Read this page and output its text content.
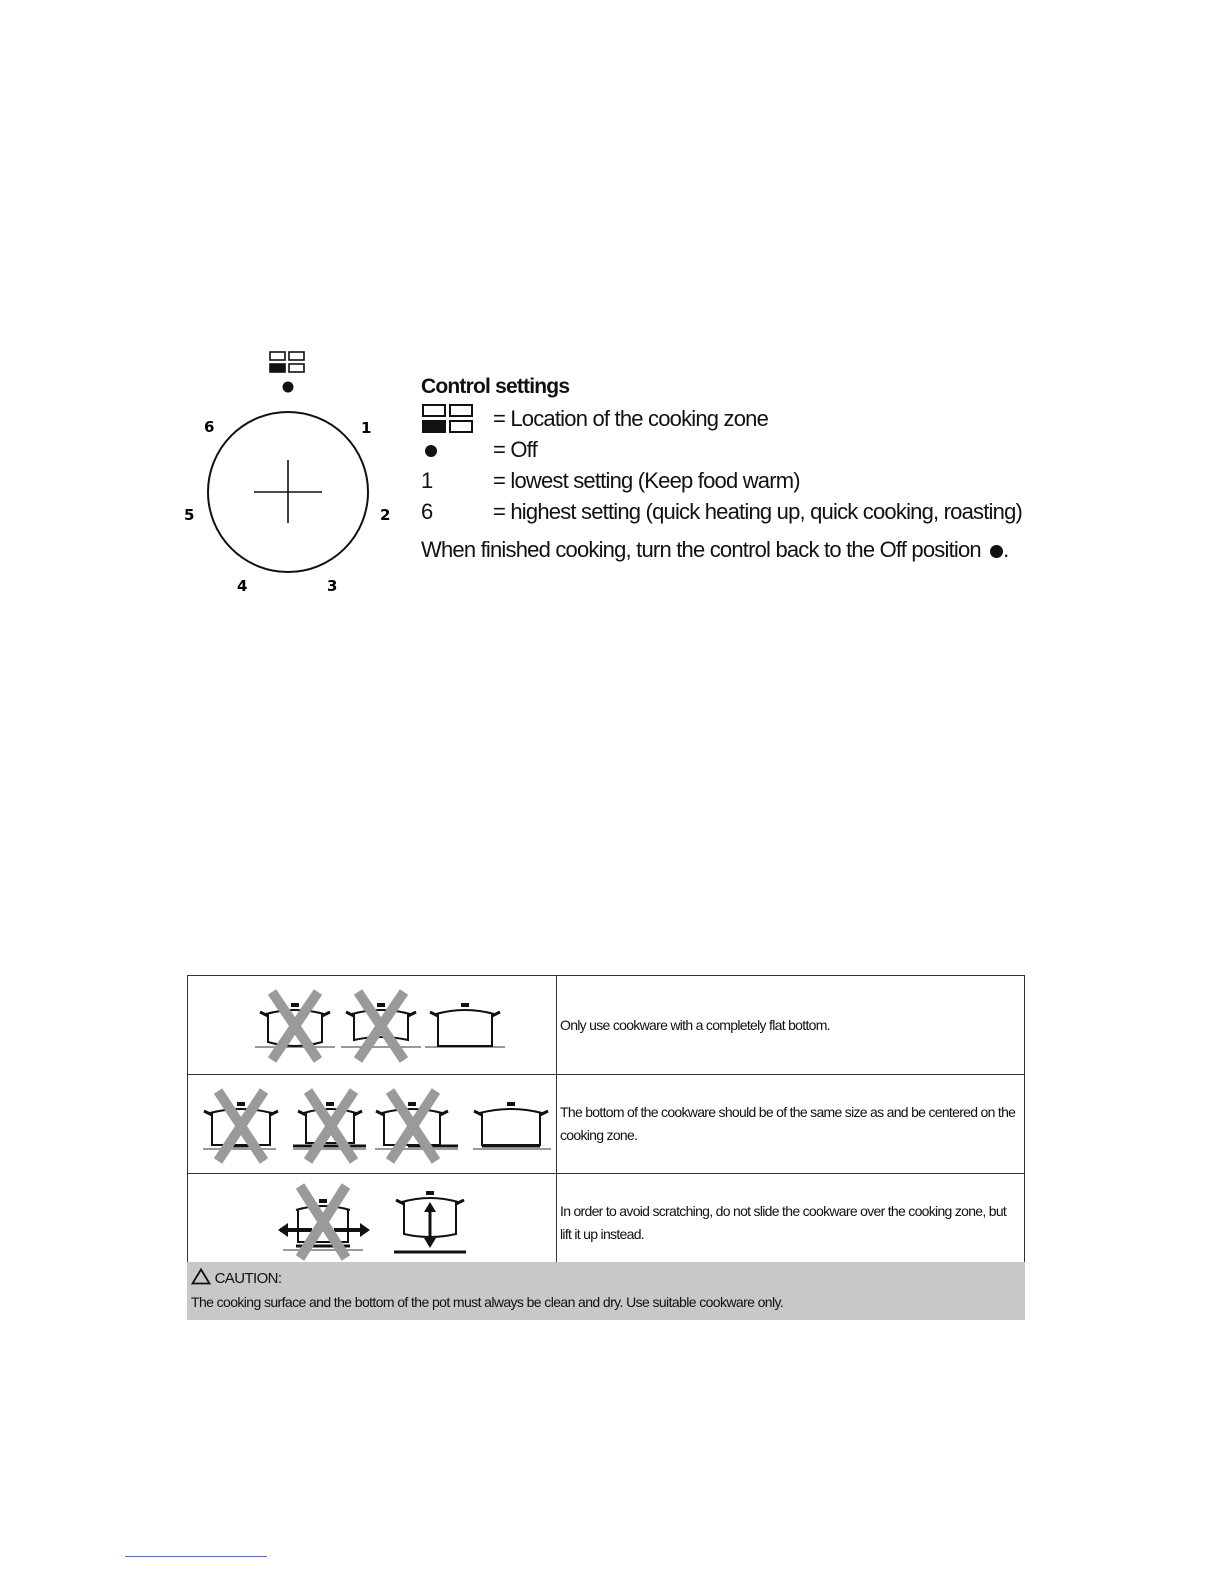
1
2
3
4
5
6
Control settings
= Location of the cooking zone
= Off
1	= lowest setting (Keep food warm)
6	= highest setting (quick heating up, quick cooking, roasting)
When finished cooking, turn the control back to the Off position .
	Only use cookware with a completely flat bottom.
	The bottom of the cookware should be of the same size as and be centered on the cooking zone.
	In order to avoid scratching, do not slide the cookware over the cooking zone, but lift it up instead.
CAUTION:
The cooking surface and the bottom of the pot must always be clean and dry. Use suitable cookware only.
